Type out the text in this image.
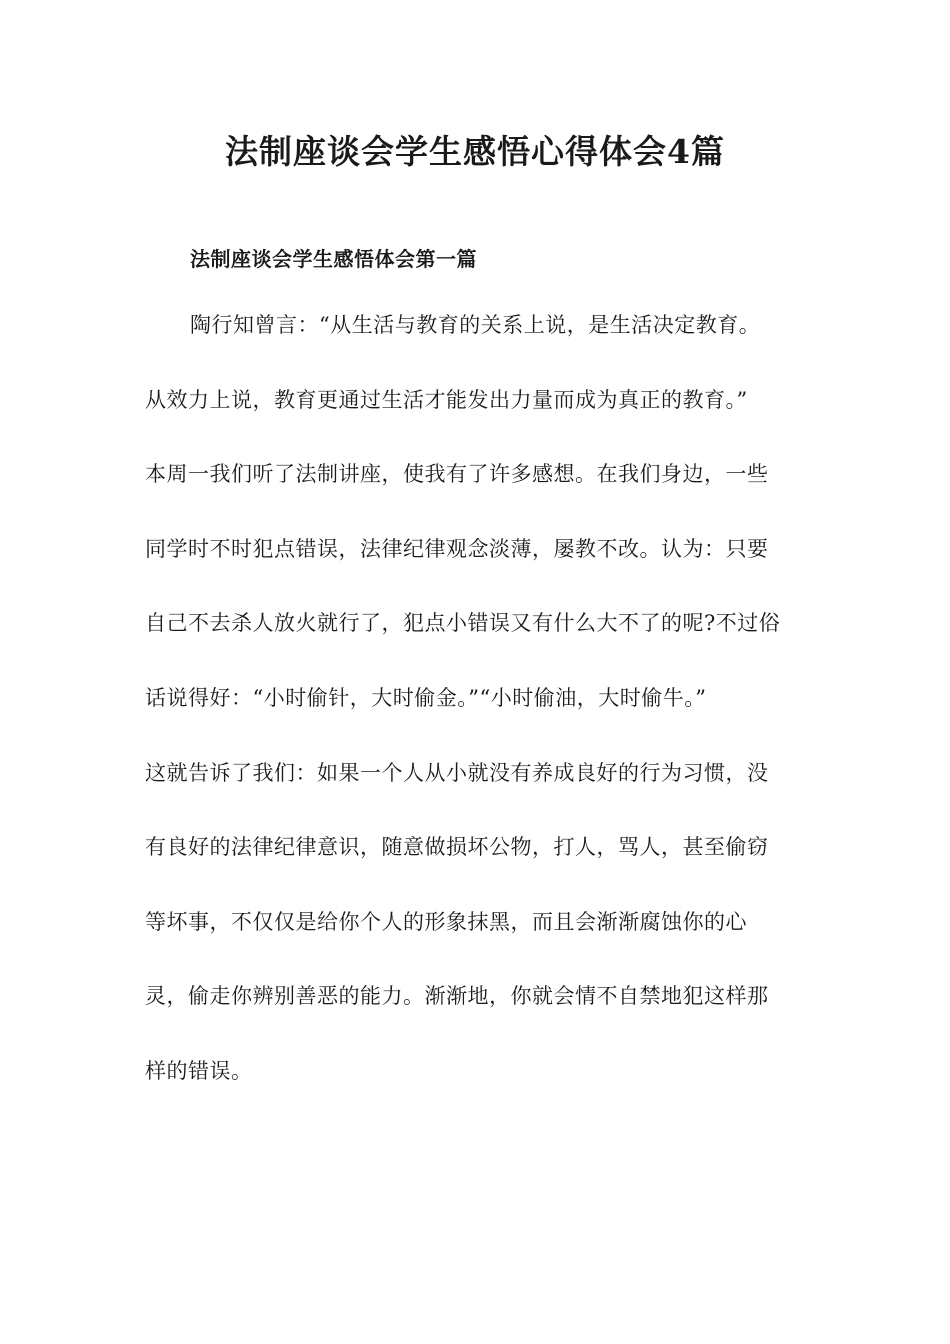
法制座谈会学生感悟心得体会4篇
法制座谈会学生感悟体会第一篇
陶行知曾言：“从生活与教育的关系上说，是生活决定教育。
从效力上说，教育更通过生活才能发出力量而成为真正的教育。”
本周一我们听了法制讲座，使我有了许多感想。在我们身边，一些
同学时不时犯点错误，法律纪律观念淡薄，屡教不改。认为：只要
自己不去杀人放火就行了，犯点小错误又有什么大不了的呢?不过俗
话说得好：“小时偷针，大时偷金。”“小时偷油，大时偷牛。”
这就告诉了我们：如果一个人从小就没有养成良好的行为习惯，没
有良好的法律纪律意识，随意做损坏公物，打人，骂人，甚至偷窃
等坏事，不仅仅是给你个人的形象抹黑，而且会渐渐腐蚀你的心
灵，偷走你辨别善恶的能力。渐渐地，你就会情不自禁地犯这样那
样的错误。
